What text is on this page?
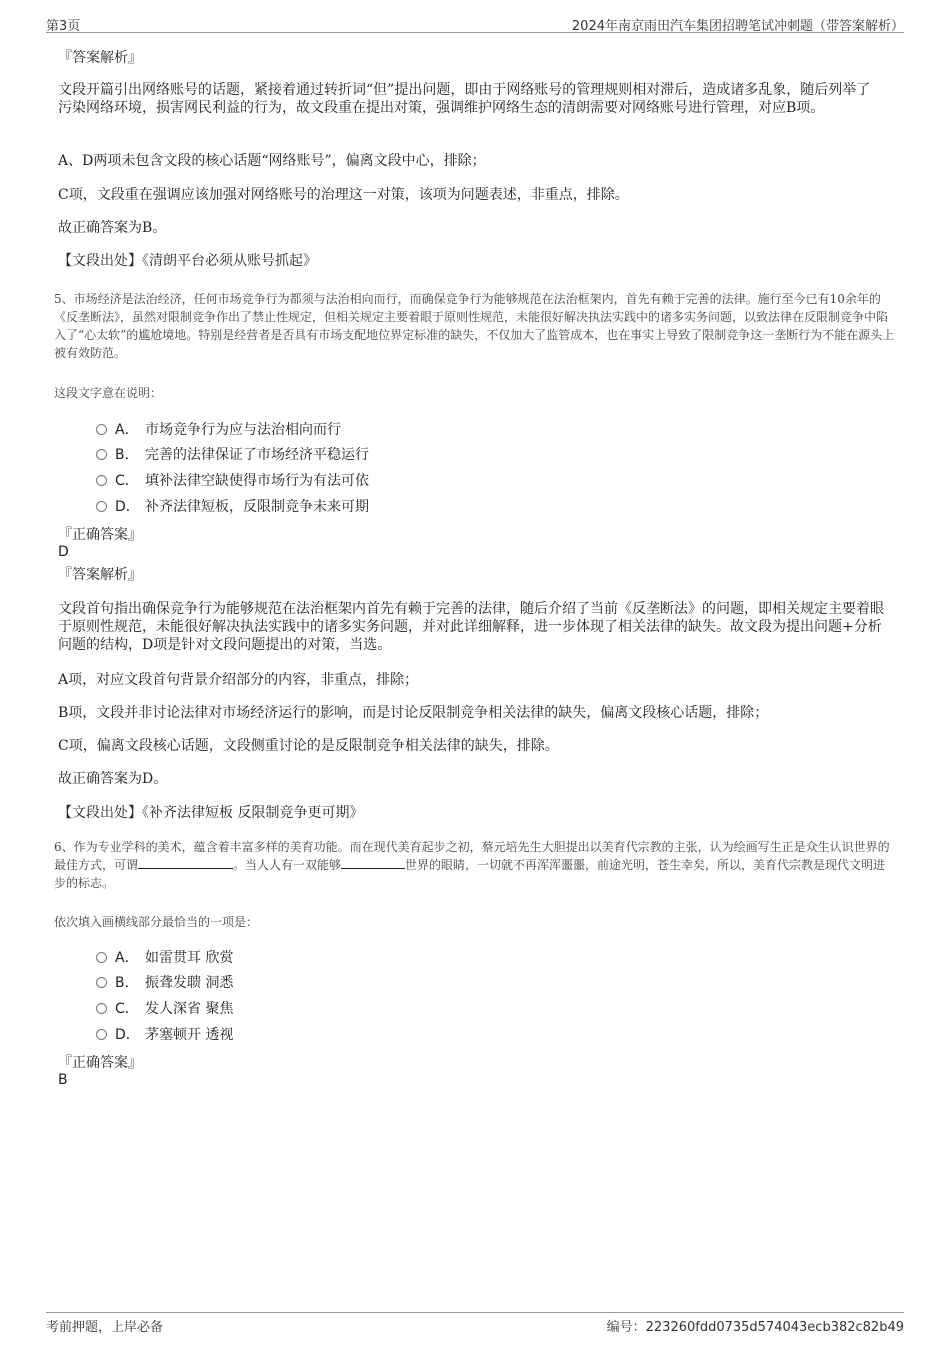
第3页	2024年南京雨田汽车集团招聘笔试冲刺题（带答案解析）
『答案解析』
文段开篇引出网络账号的话题，紧接着通过转折词“但”提出问题，即由于网络账号的管理规则相对滞后，造成诸多乱象，随后列举了污染网络环境，损害网民利益的行为，故文段重在提出对策，强调维护网络生态的清朗需要对网络账号进行管理，对应B项。
A、D两项未包含文段的核心话题“网络账号”，偏离文段中心，排除；
C项，文段重在强调应该加强对网络账号的治理这一对策，该项为问题表述，非重点，排除。
故正确答案为B。
【文段出处】《清朗平台必须从账号抓起》
5、市场经济是法治经济，任何市场竞争行为都须与法治相向而行，而确保竞争行为能够规范在法治框架内，首先有赖于完善的法律。施行至今已有10余年的《反垄断法》，虽然对限制竞争作出了禁止性规定，但相关规定主要着眼于原则性规范，未能很好解决执法实践中的诸多实务问题，以致法律在反限制竞争中陷入了“心太软”的尴尬境地。特别是经营者是否具有市场支配地位界定标准的缺失，不仅加大了监管成本，也在事实上导致了限制竞争这一垄断行为不能在源头上被有效防范。
这段文字意在说明：
A． 市场竞争行为应与法治相向而行
B． 完善的法律保证了市场经济平稳运行
C． 填补法律空缺使得市场行为有法可依
D． 补齐法律短板，反限制竞争未来可期
『正确答案』
D
『答案解析』
文段首句指出确保竞争行为能够规范在法治框架内首先有赖于完善的法律，随后介绍了当前《反垄断法》的问题，即相关规定主要着眼于原则性规范，未能很好解决执法实践中的诸多实务问题，并对此详细解释，进一步体现了相关法律的缺失。故文段为提出问题+分析问题的结构，D项是针对文段问题提出的对策，当选。
A项，对应文段首句背景介绍部分的内容，非重点，排除；
B项，文段并非讨论法律对市场经济运行的影响，而是讨论反限制竞争相关法律的缺失，偏离文段核心话题，排除；
C项，偏离文段核心话题，文段侧重讨论的是反限制竞争相关法律的缺失，排除。
故正确答案为D。
【文段出处】《补齐法律短板 反限制竞争更可期》
6、作为专业学科的美术，蕴含着丰富多样的美育功能。而在现代美育起步之初，蔡元培先生大胆提出以美育代宗教的主张，认为绘画写生正是众生认识世界的最佳方式，可谓	。当人人有一双能够	世界的眼睛，一切就不再浑浑噩噩，前途光明，苍生幸矣，所以，美育代宗教是现代文明进步的标志。
依次填入画横线部分最恰当的一项是：
A． 如雷贯耳 欣赏
B． 振聋发聩 洞悉
C． 发人深省 聚焦
D． 茅塞顿开 透视
『正确答案』
B
考前押题，上岸必备	编号：223260fdd0735d574043ecb382c82b49
